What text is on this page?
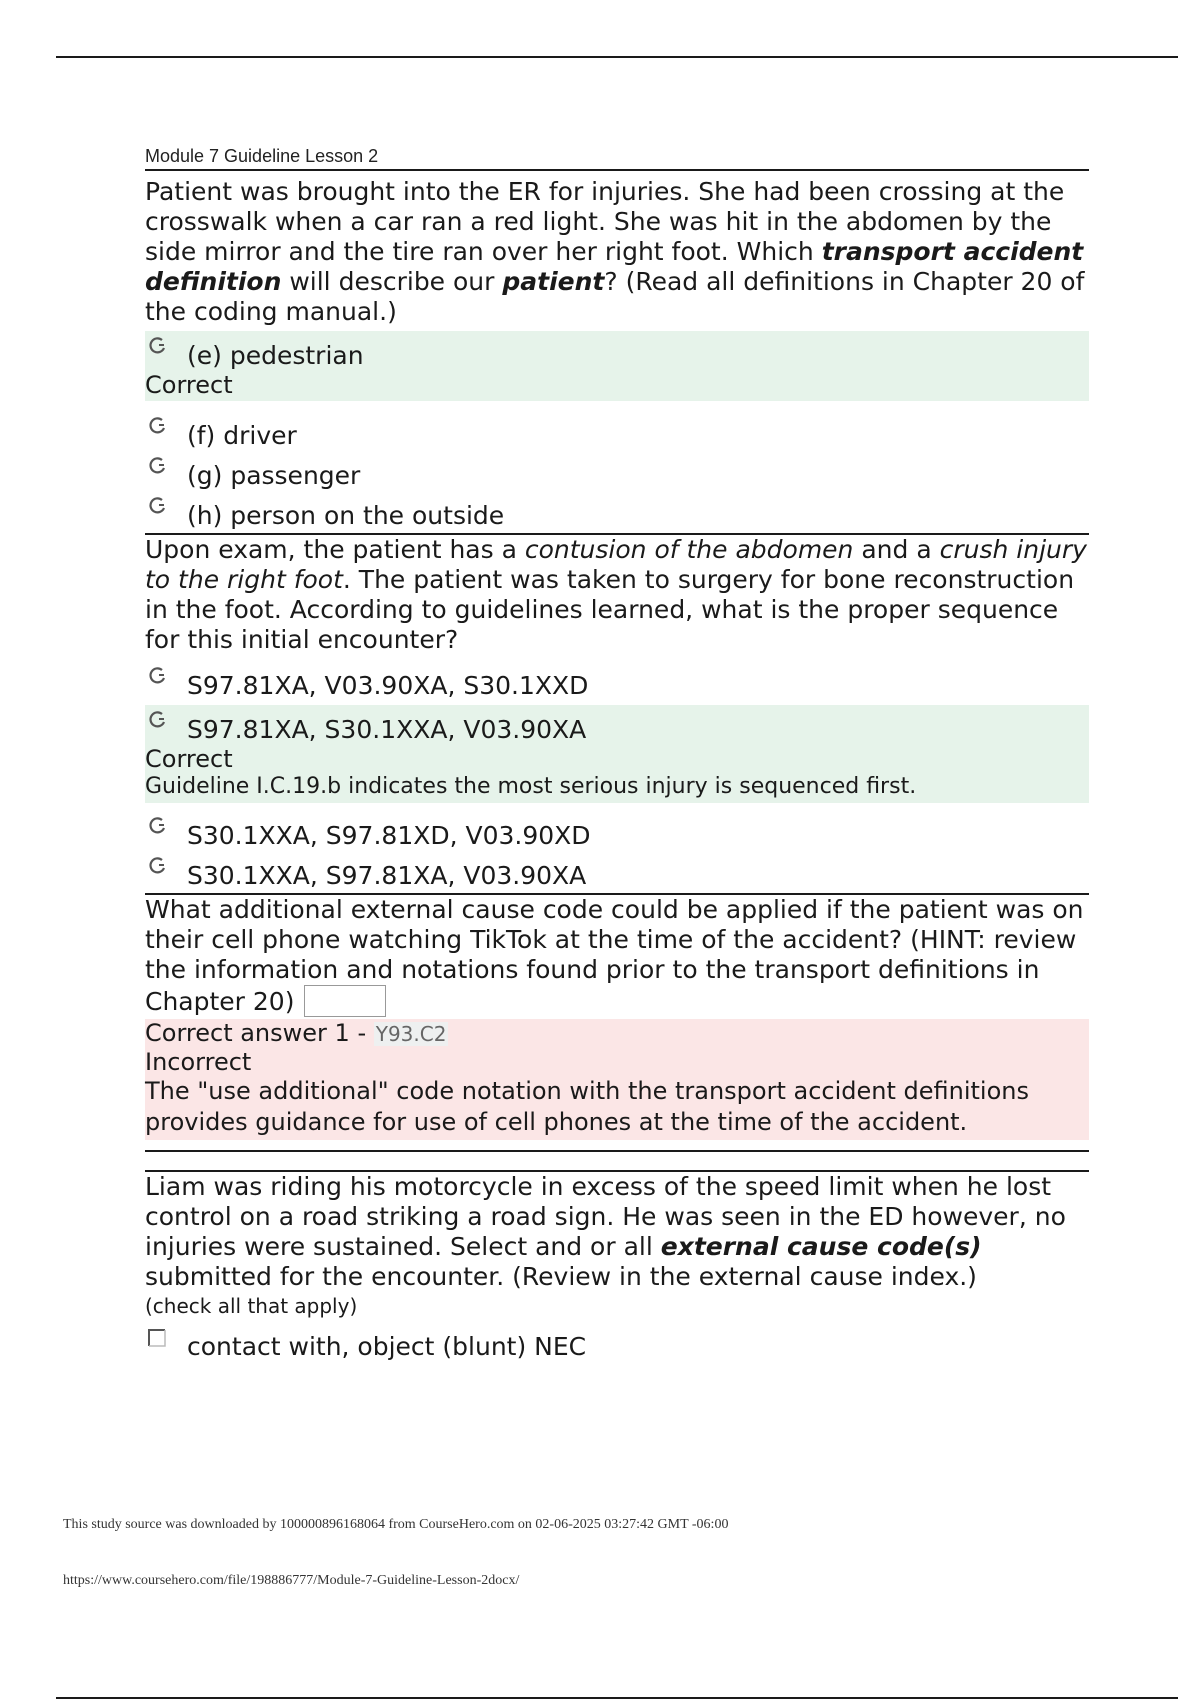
Module 7 Guideline Lesson 2

Patient was brought into the ER for injuries. She had been crossing at the crosswalk when a car ran a red light. She was hit in the abdomen by the side mirror and the tire ran over her right foot. Which transport accident definition will describe our patient? (Read all definitions in Chapter 20 of the coding manual.)

(e) pedestrian
Correct
(f) driver
(g) passenger
(h) person on the outside

Upon exam, the patient has a contusion of the abdomen and a crush injury to the right foot. The patient was taken to surgery for bone reconstruction in the foot. According to guidelines learned, what is the proper sequence for this initial encounter?

S97.81XA, V03.90XA, S30.1XXD
S97.81XA, S30.1XXA, V03.90XA
Correct
Guideline I.C.19.b indicates the most serious injury is sequenced first.
S30.1XXA, S97.81XD, V03.90XD
S30.1XXA, S97.81XA, V03.90XA

What additional external cause code could be applied if the patient was on their cell phone watching TikTok at the time of the accident? (HINT: review the information and notations found prior to the transport definitions in Chapter 20)

Correct answer 1 - Y93.C2
Incorrect
The "use additional" code notation with the transport accident definitions provides guidance for use of cell phones at the time of the accident.

Liam was riding his motorcycle in excess of the speed limit when he lost control on a road striking a road sign. He was seen in the ED however, no injuries were sustained. Select and or all external cause code(s) submitted for the encounter. (Review in the external cause index.)

(check all that apply)
contact with, object (blunt) NEC
This study source was downloaded by 100000896168064 from CourseHero.com on 02-06-2025 03:27:42 GMT -06:00
https://www.coursehero.com/file/198886777/Module-7-Guideline-Lesson-2docx/
